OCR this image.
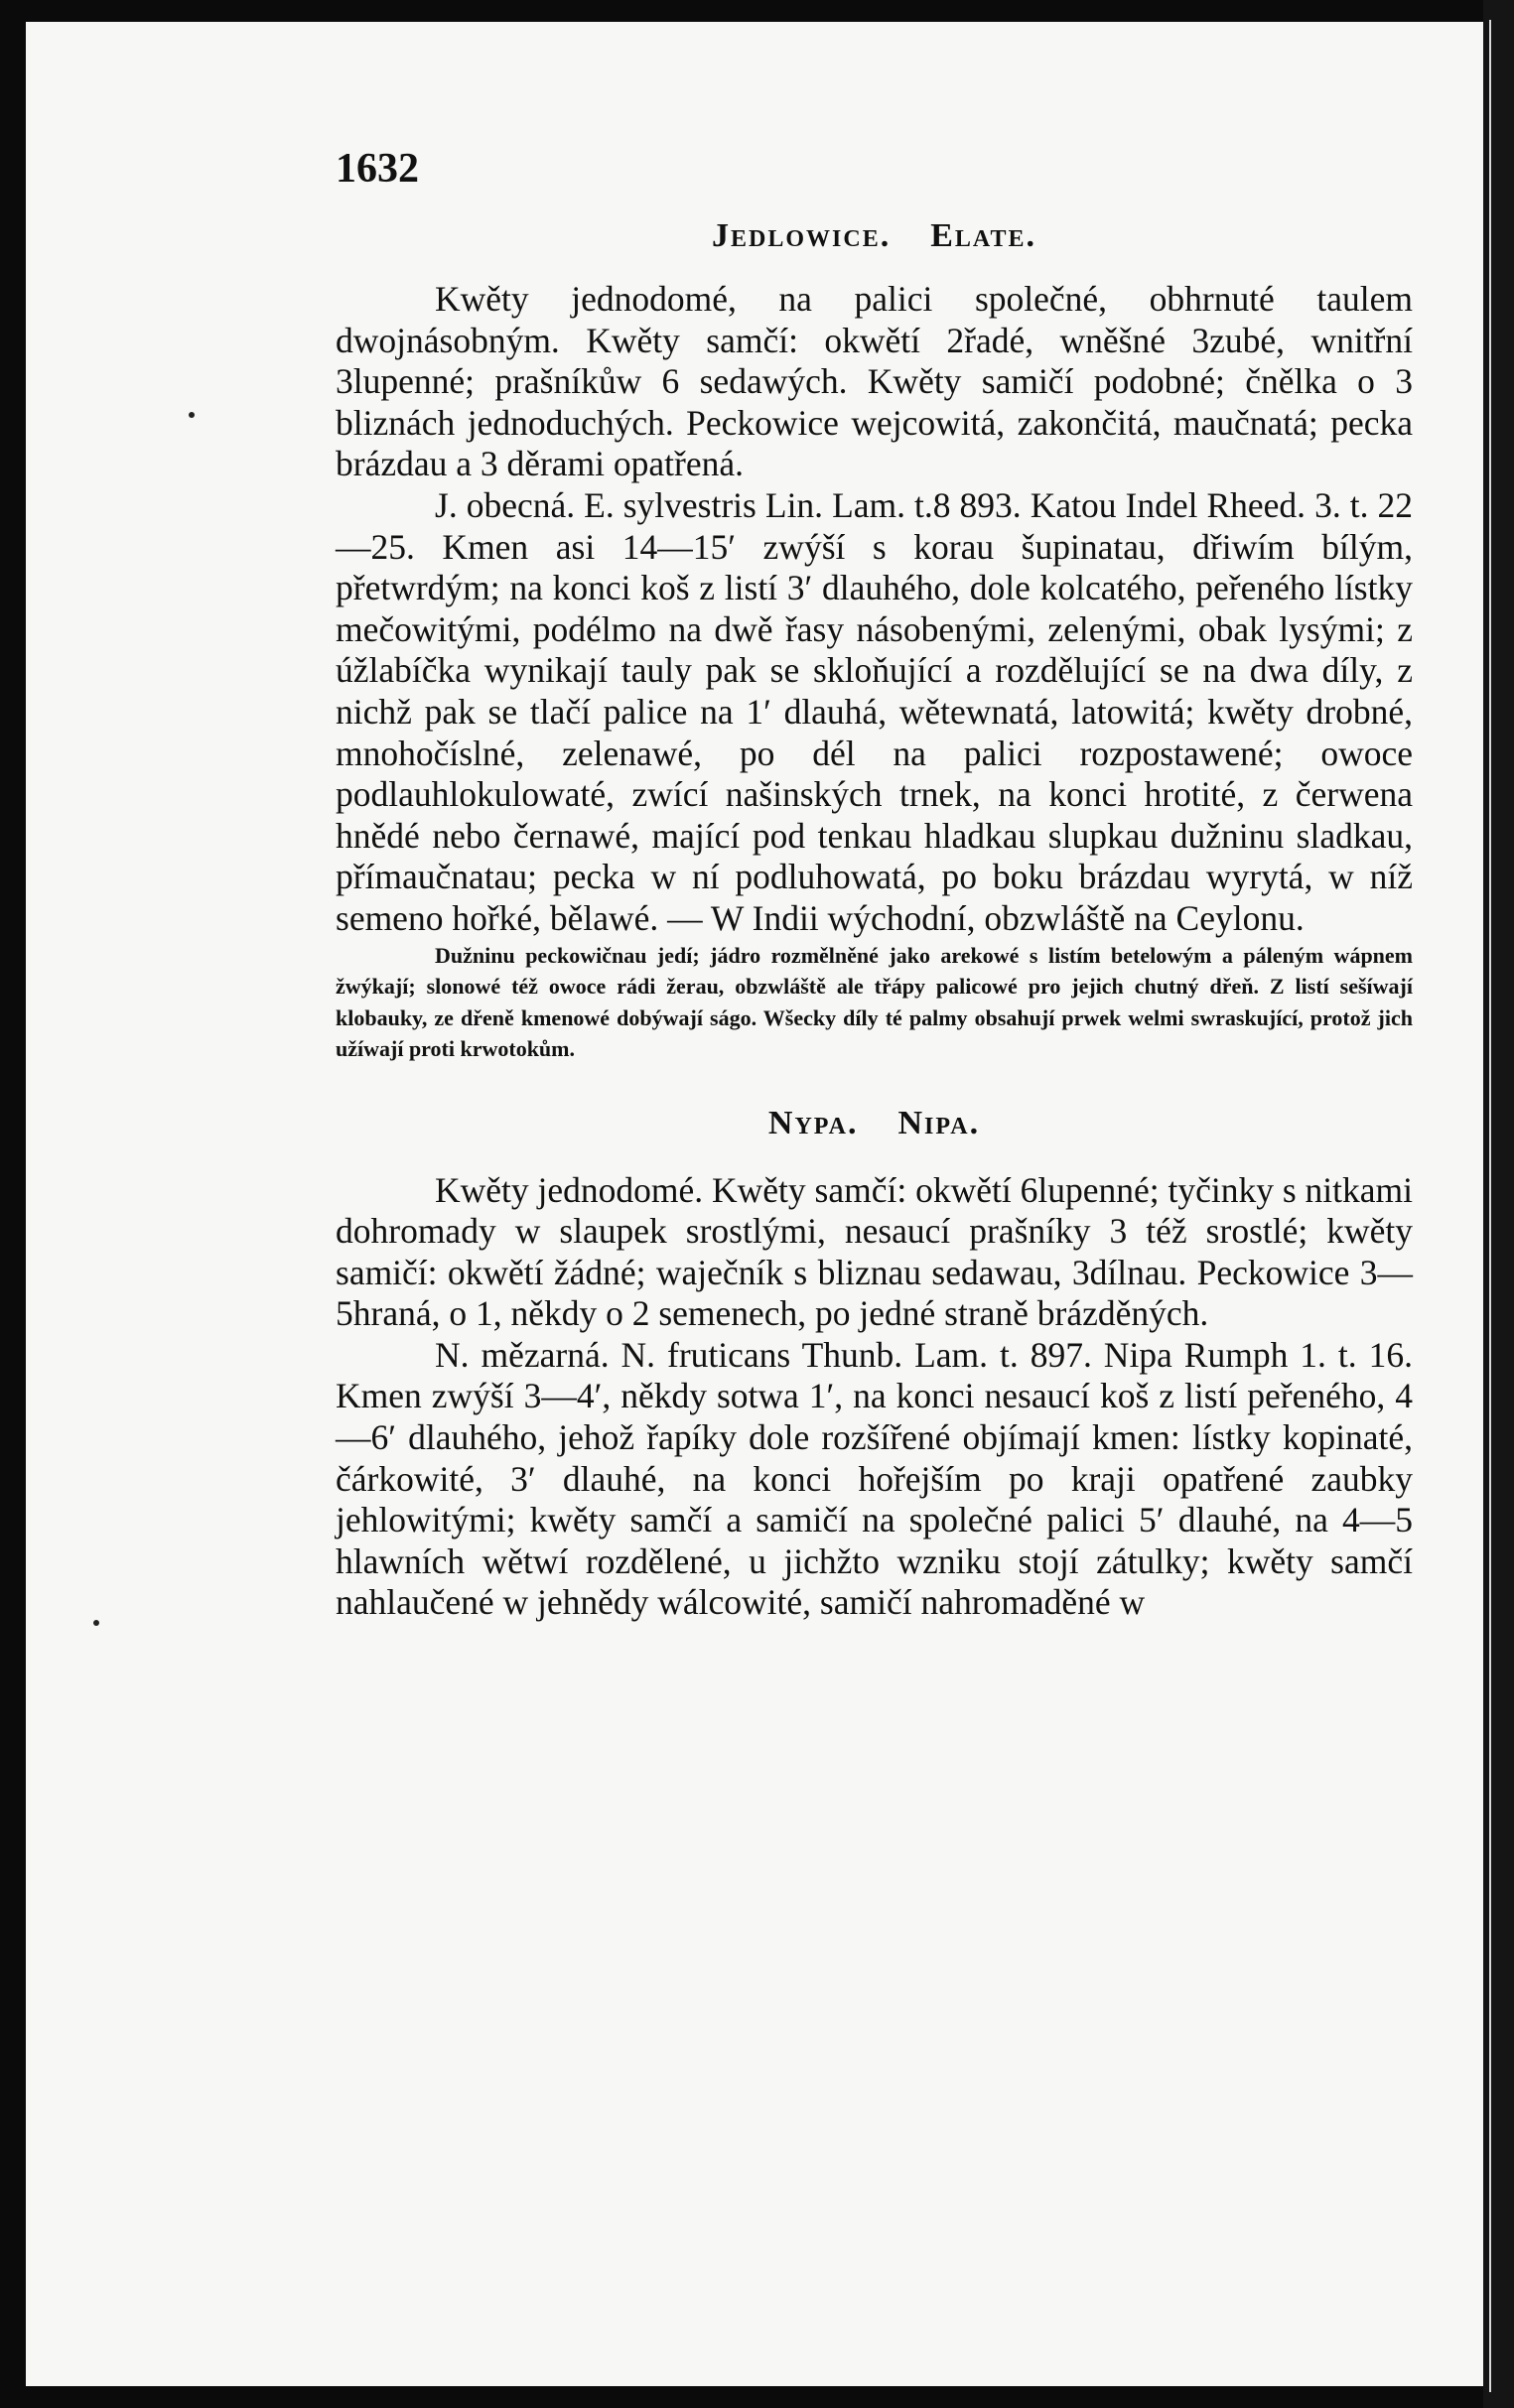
1632
Jedlowice. Elate.

Kwěty jednodomé, na palici společné, obhrnuté taulem dwojnásobným. Kwěty samčí: okwětí 2řadé, wněšné 3zubé, wnitřní 3lupenné; prašníkůw 6 sedawých. Kwěty samičí podobné; čnělka o 3 bliznách jednoduchých. Peckowice wejcowitá, zakončitá, maučnatá; pecka brázdau a 3 děrami opatřená.

J. obecná. E. sylvestris Lin. Lam. t.8 893. Katou Indel Rheed. 3. t. 22—25. Kmen asi 14—15′ zwýší s korau šupinatau, dřiwím bílým, přetwrdým; na konci koš z listí 3′ dlauhého, dole kolcatého, peřeného lístky mečowitými, podélmo na dwě řasy násobenými, zelenými, obak lysými; z úžlabíčka wynikají tauly pak se skloňující a rozdělující se na dwa díly, z nichž pak se tlačí palice na 1′ dlauhá, wětewnatá, latowitá; kwěty drobné, mnohočíslné, zelenawé, po dél na palici rozpostawené; owoce podlauhlokulowaté, zwící našinských trnek, na konci hrotité, z čerwena hnědé nebo černawé, mající pod tenkau hladkau slupkau dužninu sladkau, přímaučnatau; pecka w ní podluhowatá, po boku brázdau wyrytá, w níž semeno hořké, bělawé. — W Indii wýchodní, obzwláště na Ceylonu.

Dužninu peckowičnau jedí; jádro rozmělněné jako arekowé s listím betelowým a páleným wápnem žwýkají; slonowé též owoce rádi žerau, obzwláště ale třápy palicowé pro jejich chutný dřeň. Z listí sešíwají klobauky, ze dřeně kmenowé dobýwají ságo. Wšecky díly té palmy obsahují prwek welmi swraskující, protož jich užíwají proti krwotokům.

Nypa. Nipa.

Kwěty jednodomé. Kwěty samčí: okwětí 6lupenné; tyčinky s nitkami dohromady w slaupek srostlými, nesaucí prašníky 3 též srostlé; kwěty samičí: okwětí žádné; waječník s bliznau sedawau, 3dílnau. Peckowice 3—5hraná, o 1, někdy o 2 semenech, po jedné straně brázděných.

N. mězarná. N. fruticans Thunb. Lam. t. 897. Nipa Rumph 1. t. 16. Kmen zwýší 3—4′, někdy sotwa 1′, na konci nesaucí koš z listí peřeného, 4—6′ dlauhého, jehož řapíky dole rozšířené objímají kmen: lístky kopinaté, čárkowité, 3′ dlauhé, na konci hořejším po kraji opatřené zaubky jehlowitými; kwěty samčí a samičí na společné palici 5′ dlauhé, na 4—5 hlawních wětwí rozdělené, u jichžto wzniku stojí zátulky; kwěty samčí nahlaučené w jehnědy wálcowité, samičí nahromaděné w
